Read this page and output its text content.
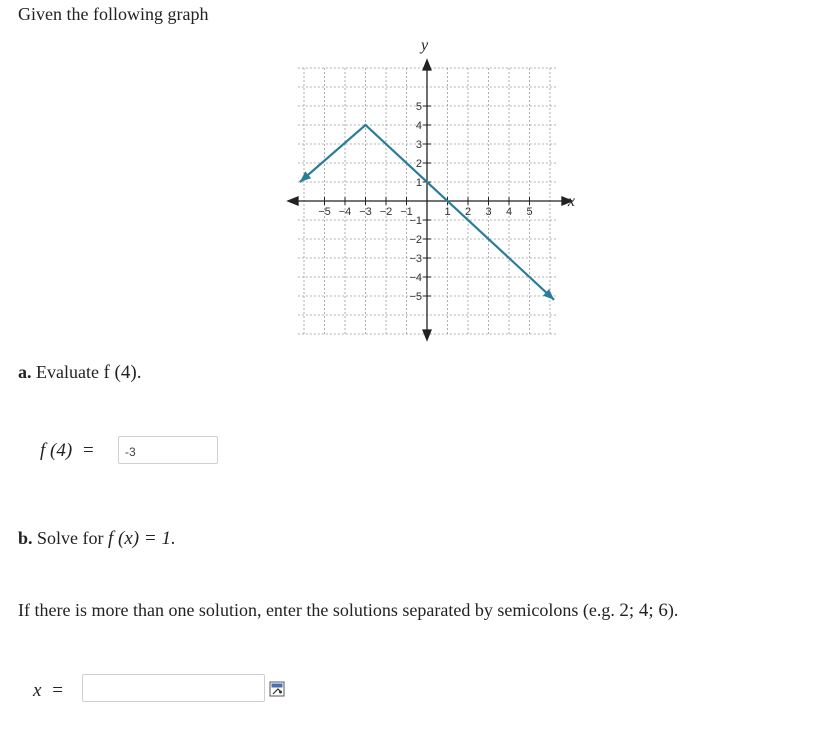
Given the following graph
−5 −4 −3 −2 −1	1 2 3 4 5
5
4
3
2
1
−1
−2
−3
−4
−5
y
x
a. Evaluate f (4).
f (4) =	-3
b. Solve for f (x) = 1.
If there is more than one solution, enter the solutions separated by semicolons (e.g. 2; 4; 6).
x =
